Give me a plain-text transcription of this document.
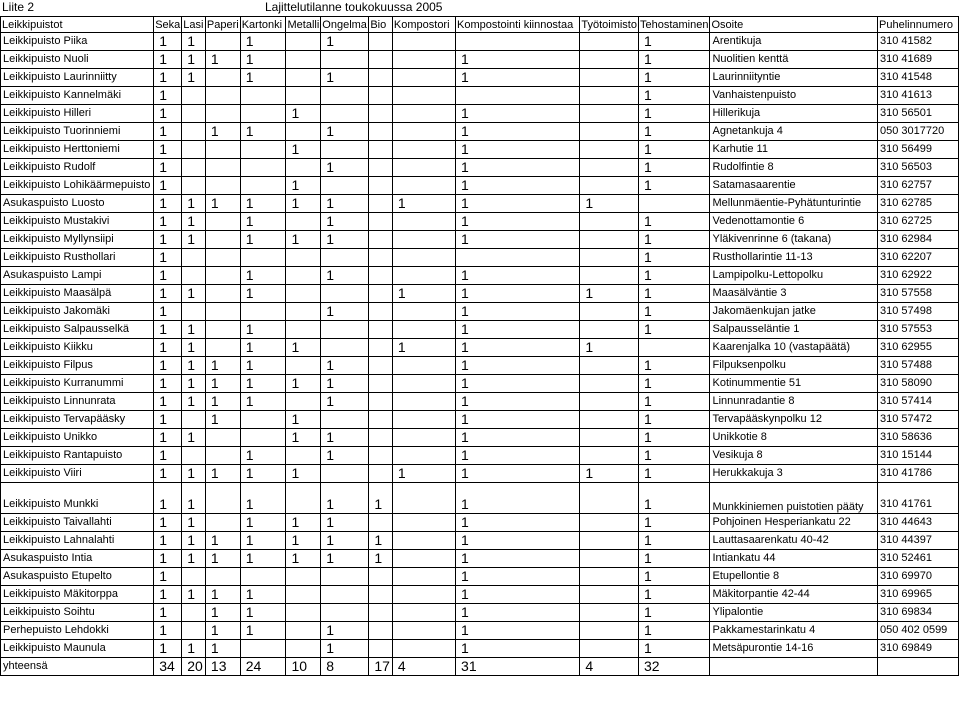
Liite 2	Lajittelutilanne toukokuussa 2005
Leikkipuistot	Seka	Lasi	Paperi	Kartonki	Metalli	Ongelma	Bio	Kompostori	Kompostointi kiinnostaa	Työtoimisto	Tehostaminen	Osoite	Puhelinnumero
Leikkipuisto Piika	1	1		1		1					1	Arentikuja	310 41582
Leikkipuisto Nuoli	1	1	1	1					1		1	Nuolitien kenttä	310 41689
Leikkipuisto Laurinniitty	1	1		1		1			1		1	Laurinniityntie	310 41548
Leikkipuisto Kannelmäki	1										1	Vanhaistenpuisto	310 41613
Leikkipuisto Hilleri	1				1				1		1	Hillerikuja	310 56501
Leikkipuisto Tuorinniemi	1		1	1		1			1		1	Agnetankuja 4	050 3017720
Leikkipuisto Herttoniemi	1				1				1		1	Karhutie 11	310 56499
Leikkipuisto Rudolf	1					1			1		1	Rudolfintie 8	310 56503
Leikkipuisto Lohikäärmepuisto	1				1				1		1	Satamasaarentie	310 62757
Asukaspuisto Luosto	1	1	1	1	1	1		1	1	1		Mellunmäentie-Pyhätunturintie	310 62785
Leikkipuisto Mustakivi	1	1		1		1			1		1	Vedenottamontie 6	310 62725
Leikkipuisto Myllynsiipi	1	1		1	1	1			1		1	Yläkivenrinne 6 (takana)	310 62984
Leikkipuisto Rusthollari	1										1	Rusthollarintie 11-13	310 62207
Asukaspuisto Lampi	1			1		1			1		1	Lampipolku-Lettopolku	310 62922
Leikkipuisto Maasälpä	1	1		1				1	1	1	1	Maasälväntie 3	310 57558
Leikkipuisto Jakomäki	1					1			1		1	Jakomäenkujan jatke	310 57498
Leikkipuisto Salpausselkä	1	1		1					1		1	Salpausseläntie 1	310 57553
Leikkipuisto Kiikku	1	1		1	1			1	1	1		Kaarenjalka 10 (vastapäätä)	310 62955
Leikkipuisto Filpus	1	1	1	1		1			1		1	Filpuksenpolku	310 57488
Leikkipuisto Kurranummi	1	1	1	1	1	1			1		1	Kotinummentie 51	310 58090
Leikkipuisto Linnunrata	1	1	1	1		1			1		1	Linnunradantie 8	310 57414
Leikkipuisto Tervapääsky	1		1		1				1		1	Tervapääskynpolku 12	310 57472
Leikkipuisto Unikko	1	1			1	1			1		1	Unikkotie 8	310 58636
Leikkipuisto Rantapuisto	1			1		1			1		1	Vesikuja 8	310 15144
Leikkipuisto Viiri	1	1	1	1	1			1	1	1	1	Herukkakuja 3	310 41786
Leikkipuisto Munkki	1	1		1		1	1		1		1	Munkkiniemen puistotien pääty	310 41761
Leikkipuisto Taivallahti	1	1		1	1	1			1		1	Pohjoinen Hesperiankatu 22	310 44643
Leikkipuisto Lahnalahti	1	1	1	1	1	1	1		1		1	Lauttasaarenkatu 40-42	310 44397
Asukaspuisto Intia	1	1	1	1	1	1	1		1		1	Intiankatu 44	310 52461
Asukaspuisto Etupelto	1								1		1	Etupellontie 8	310 69970
Leikkipuisto Mäkitorppa	1	1	1	1					1		1	Mäkitorpantie 42-44	310 69965
Leikkipuisto Soihtu	1		1	1					1		1	Ylipalontie	310 69834
Perhepuisto Lehdokki	1		1	1		1			1		1	Pakkamestarinkatu 4	050 402 0599
Leikkipuisto Maunula	1	1	1			1			1		1	Metsäpurontie 14-16	310 69849
yhteensä	34	20	13	24	10	8	17	4	31	4	32		
